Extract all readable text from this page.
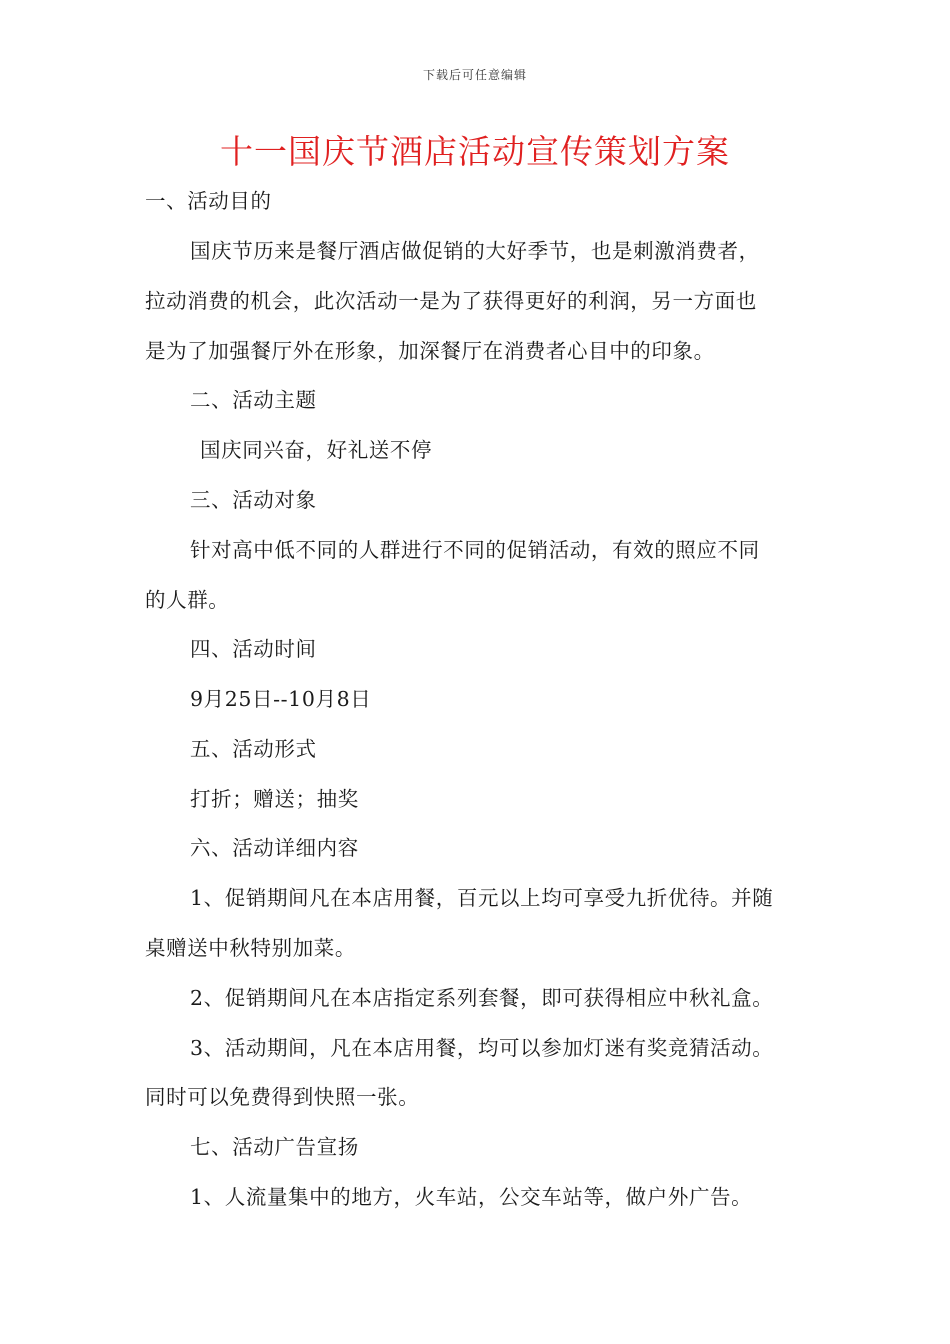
下载后可任意编辑
十一国庆节酒店活动宣传策划方案
一、活动目的
国庆节历来是餐厅酒店做促销的大好季节，也是刺激消费者，
拉动消费的机会，此次活动一是为了获得更好的利润，另一方面也
是为了加强餐厅外在形象，加深餐厅在消费者心目中的印象。
二、活动主题
国庆同兴奋，好礼送不停
三、活动对象
针对高中低不同的人群进行不同的促销活动，有效的照应不同
的人群。
四、活动时间
9月25日--10月8日
五、活动形式
打折；赠送；抽奖
六、活动详细内容
1、促销期间凡在本店用餐，百元以上均可享受九折优待。并随
桌赠送中秋特别加菜。
2、促销期间凡在本店指定系列套餐，即可获得相应中秋礼盒。
3、活动期间，凡在本店用餐，均可以参加灯迷有奖竞猜活动。
同时可以免费得到快照一张。
七、活动广告宣扬
1、人流量集中的地方，火车站，公交车站等，做户外广告。
